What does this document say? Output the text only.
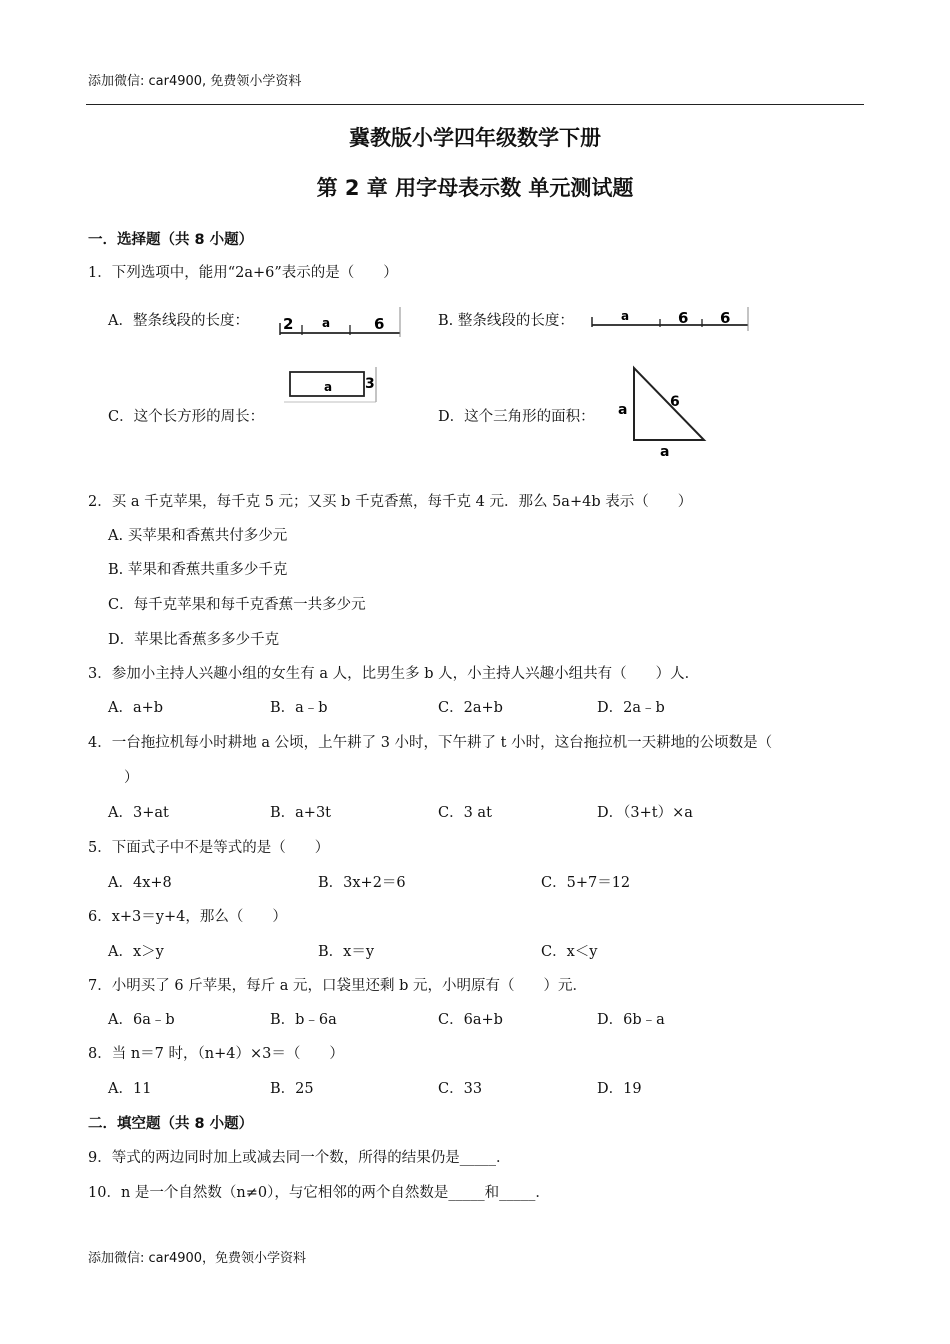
添加微信: car4900, 免费领小学资料
冀教版小学四年级数学下册
第 2 章 用字母表示数 单元测试题
一．选择题（共 8 小题）
1．下列选项中，能用“2a+6”表示的是（　　）
A．整条线段的长度： 2 a	6	B. 整条线段的长度：	a	6 6
C．这个长方形的周长：
a 3
D．这个三角形的面积： a	6
a
2．买 a 千克苹果，每千克 5 元；又买 b 千克香蕉，每千克 4 元．那么 5a+4b 表示（　　）
A. 买苹果和香蕉共付多少元
B. 苹果和香蕉共重多少千克
C．每千克苹果和每千克香蕉一共多少元
D．苹果比香蕉多多少千克
3．参加小主持人兴趣小组的女生有 a 人，比男生多 b 人，小主持人兴趣小组共有（　　）人．
A．a+b	B．a﹣b	C．2a+b	D．2a﹣b
4．一台拖拉机每小时耕地 a 公顷，上午耕了 3 小时，下午耕了 t 小时，这台拖拉机一天耕地的公顷数是（
）
A．3+at	B．a+3t	C．3 at	D．（3+t）×a
5．下面式子中不是等式的是（　　）
A．4x+8	B．3x+2＝6	C．5+7＝12
6．x+3＝y+4，那么（　　）
A．x＞y	B．x＝y	C．x＜y
7．小明买了 6 斤苹果，每斤 a 元，口袋里还剩 b 元，小明原有（　　）元．
A．6a﹣b	B．b﹣6a	C．6a+b	D．6b﹣a
8．当 n＝7 时，（n+4）×3＝（　　）
A．11	B．25	C．33	D．19
二．填空题（共 8 小题）
9．等式的两边同时加上或减去同一个数，所得的结果仍是_____．
10．n 是一个自然数（n≠0），与它相邻的两个自然数是_____和_____．
添加微信: car4900，免费领小学资料
